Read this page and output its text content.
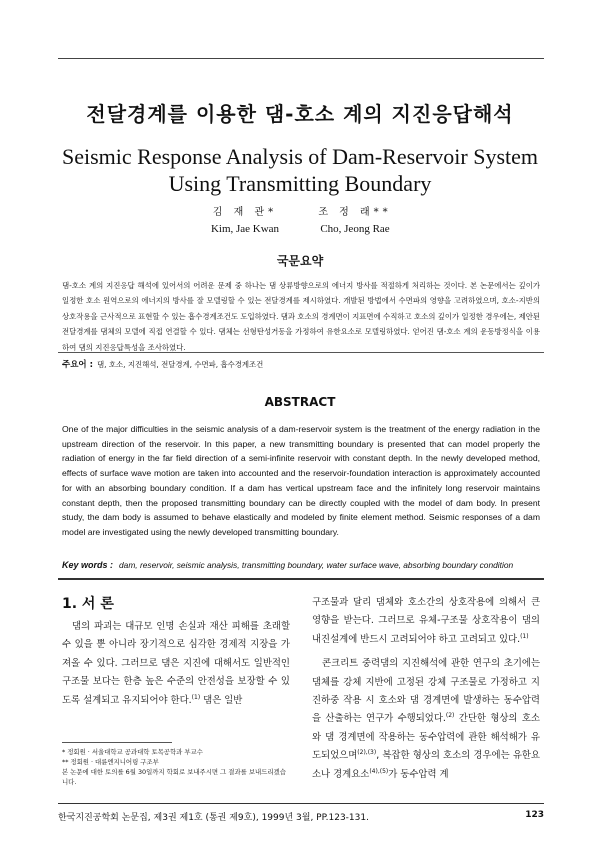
전달경계를 이용한 댐-호소 계의 지진응답해석
Seismic Response Analysis of Dam-Reservoir System
Using Transmitting Boundary
김 재 관*
Kim, Jae Kwan
조 정 래**
Cho, Jeong Rae
국문요약
댐-호소 계의 지진응답 해석에 있어서의 어려운 문제 중 하나는 댐 상류방향으로의 에너지 방사를 적절하게 처리하는 것이다. 본 논문에서는 깊이가 일정한 호소 원역으로의 에너지의 방사를 잘 모델링할 수 있는 전달경계를 제시하였다. 개발된 방법에서 수면파의 영향을 고려하였으며, 호소-지반의 상호작용을 근사적으로 표현할 수 있는 흡수경계조건도 도입하였다. 댐과 호소의 경계면이 지표면에 수직하고 호소의 깊이가 일정한 경우에는, 제안된 전달경계를 댐체의 모델에 직접 연결할 수 있다. 댐체는 선형탄성거동을 가정하여 유한요소로 모델링하였다. 얻어진 댐-호소 계의 운동방정식을 이용하여 댐의 지진응답특성을 조사하였다.
주요어 : 댐, 호소, 지진해석, 전달경계, 수면파, 흡수경계조건
ABSTRACT
One of the major difficulties in the seismic analysis of a dam-reservoir system is the treatment of the energy radiation in the upstream direction of the reservoir. In this paper, a new transmitting boundary is presented that can model properly the radiation of energy in the far field direction of a semi-infinite reservoir with constant depth. In the newly developed method, effects of surface wave motion are taken into accounted and the reservoir-foundation interaction is approximately accounted for with an absorbing boundary condition. If a dam has vertical upstream face and the infinitely long reservoir maintains constant depth, then the proposed transmitting boundary can be directly coupled with the model of dam body. In present study, the dam body is assumed to behave elastically and modeled by finite element method. Seismic responses of a dam model are investigated using the newly developed transmitting boundary.
Key words : dam, reservoir, seismic analysis, transmitting boundary, water surface wave, absorbing boundary condition
1. 서 론

댐의 파괴는 대규모 인명 손실과 재산 피해를 초래할 수 있을 뿐 아니라 장기적으로 심각한 경제적 지장을 가져올 수 있다. 그러므로 댐은 지진에 대해서도 일반적인 구조물 보다는 한층 높은 수준의 안전성을 보장할 수 있도록 설계되고 유지되어야 한다.$^{(1)}$ 댐은 일반

구조물과 달리 댐체와 호소간의 상호작용에 의해서 큰 영향을 받는다. 그러므로 유체-구조물 상호작용이 댐의 내진설계에 반드시 고려되어야 하고 고려되고 있다.$^{(1)}$

콘크리트 중력댐의 지진해석에 관한 연구의 초기에는 댐체를 강체 지반에 고정된 강체 구조물로 가정하고 지진하중 작용 시 호소와 댐 경계면에 발생하는 동수압력을 산출하는 연구가 수행되었다.$^{(2)}$ 간단한 형상의 호소와 댐 경계면에 작용하는 동수압력에 관한 해석해가 유도되었으며$^{(2),(3)}$, 복잡한 형상의 호소의 경우에는 유한요소나 경계요소$^{(4),(5)}$가 동수압력 계

* 정회원 · 서울대학교 공과대학 토목공학과 부교수
** 정회원 · 대륜엔지니어링 구조부
본 논문에 대한 토의를 6월 30일까지 학회로 보내주시면 그 결과를 보내드리겠습니다.
한국지진공학회 논문집, 제3권 제1호 (통권 제9호), 1999년 3월, PP.123-131.	123
